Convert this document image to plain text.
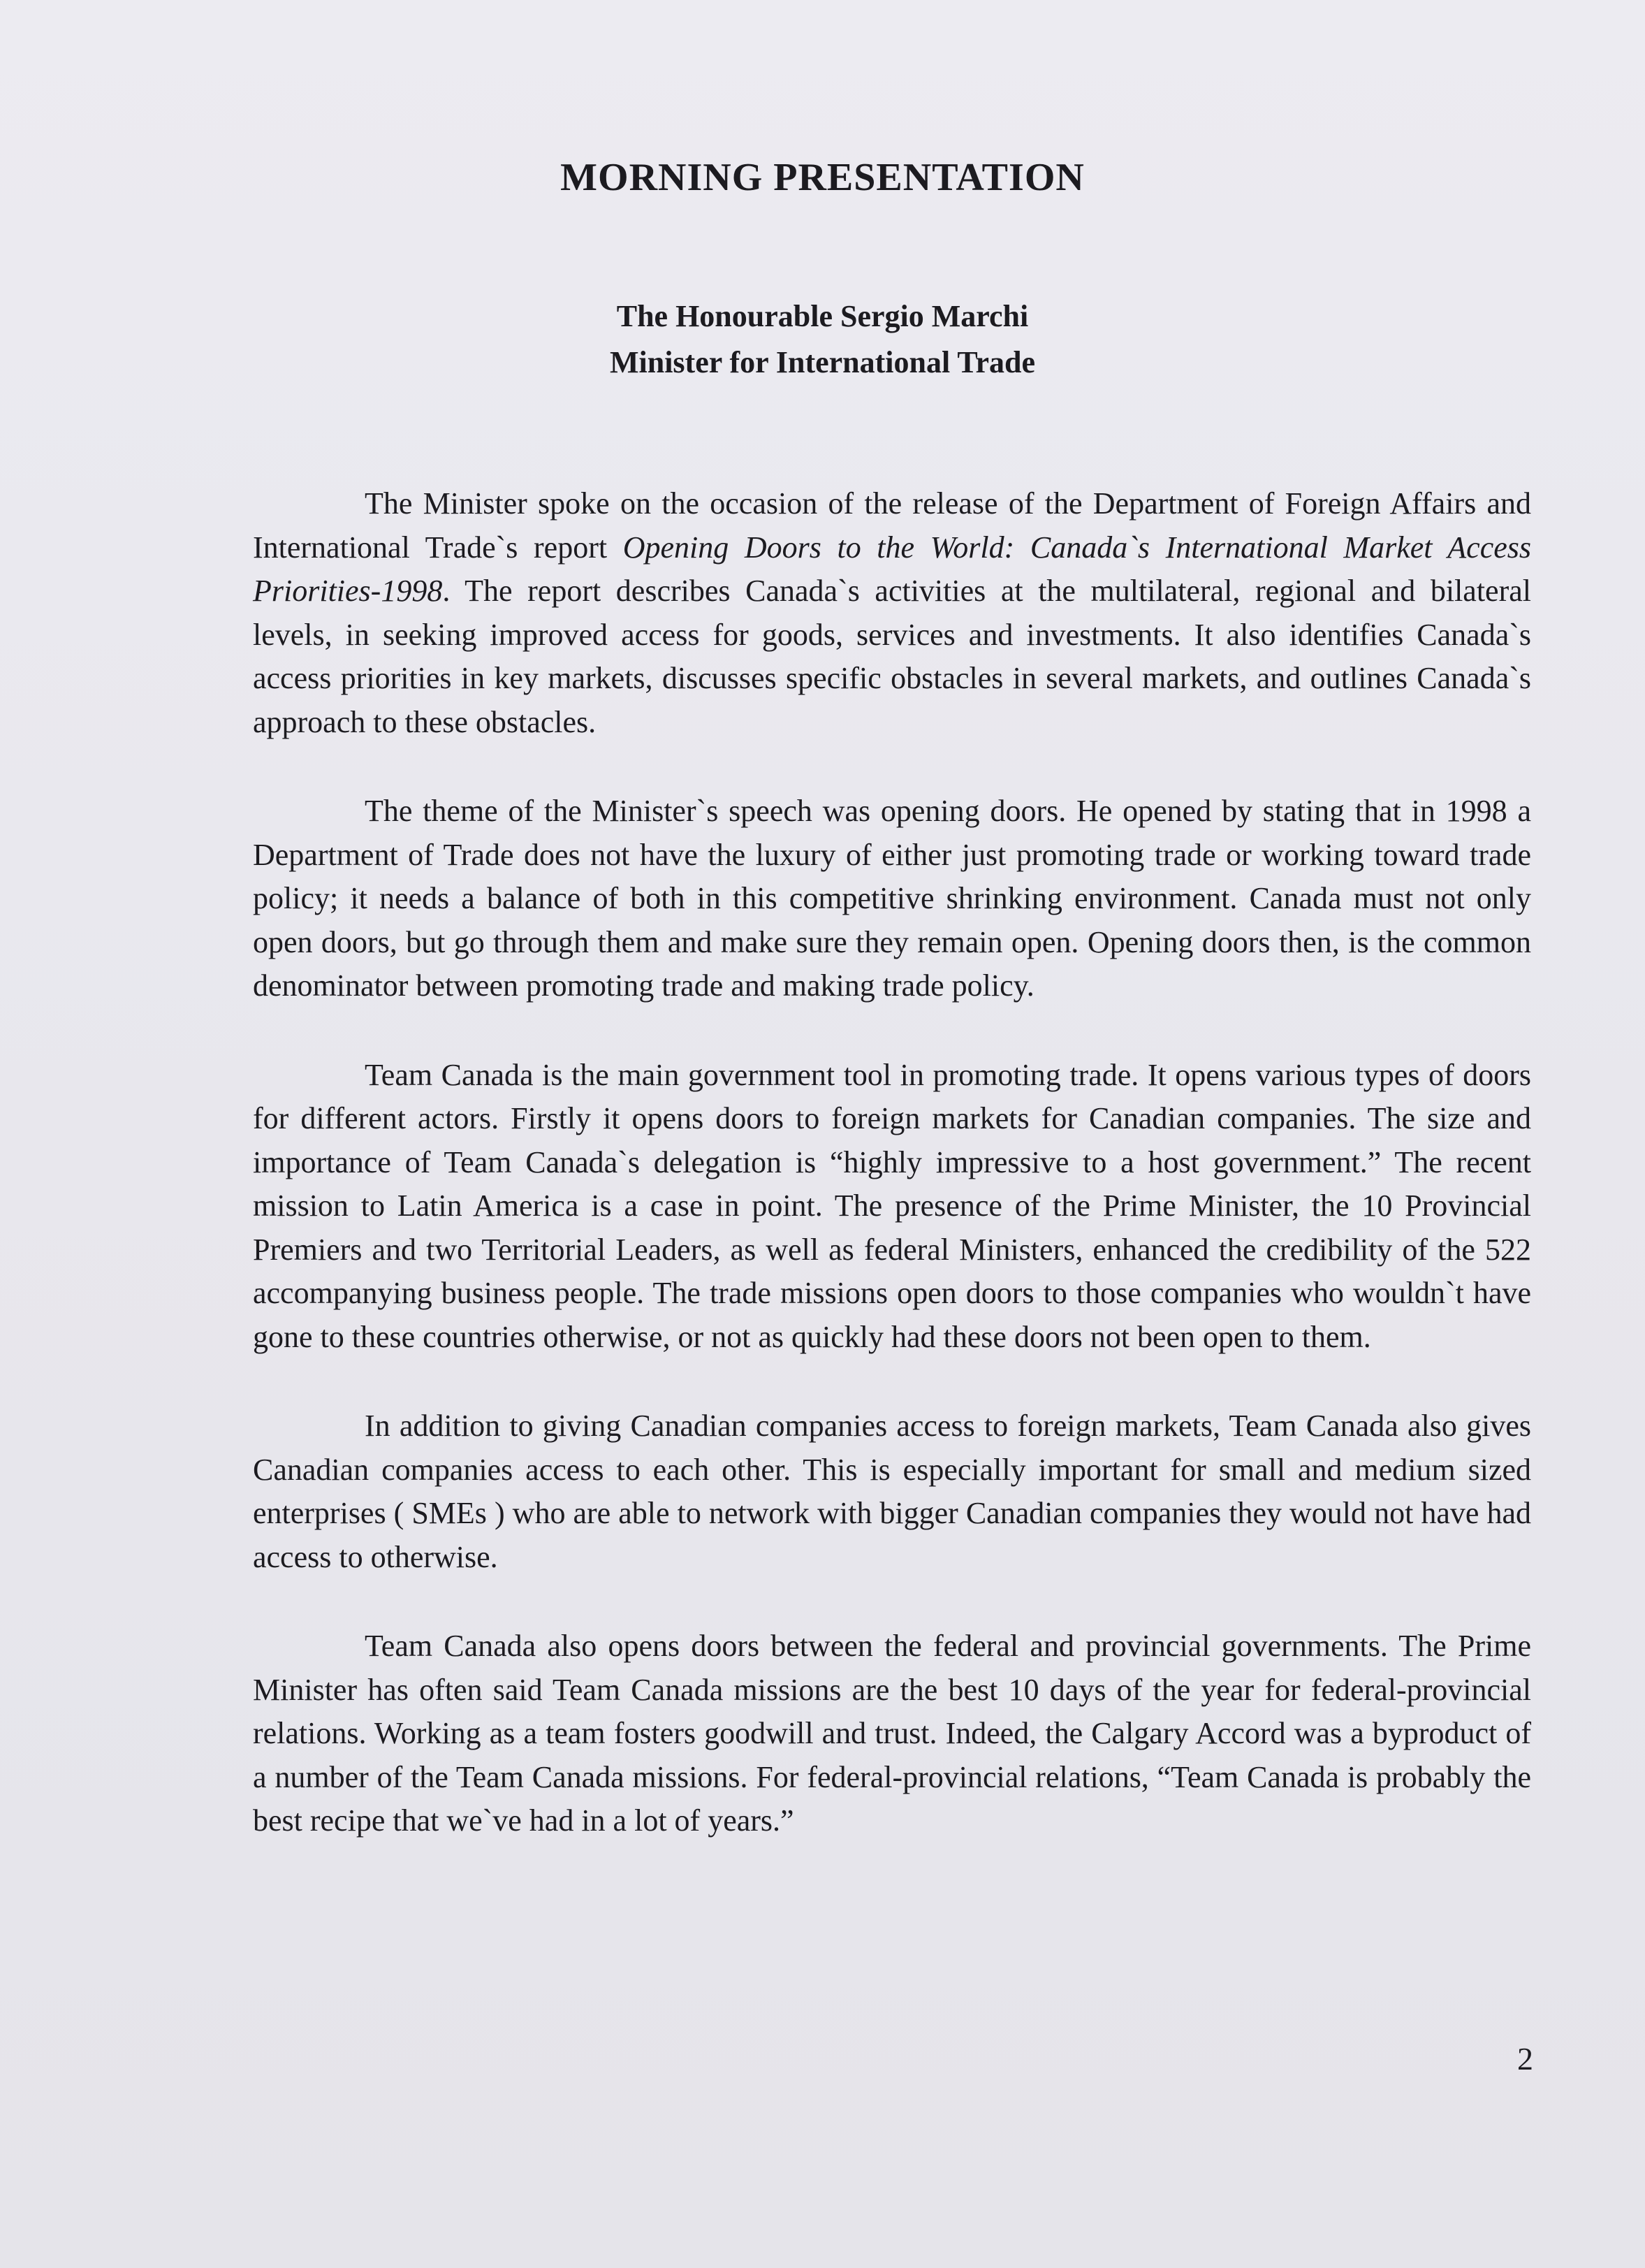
MORNING PRESENTATION
The Honourable Sergio Marchi
Minister for International Trade

The Minister spoke on the occasion of the release of the Department of Foreign Affairs and International Trade`s report Opening Doors to the World: Canada`s International Market Access Priorities-1998. The report describes Canada`s activities at the multilateral, regional and bilateral levels, in seeking improved access for goods, services and investments. It also identifies Canada`s access priorities in key markets, discusses specific obstacles in several markets, and outlines Canada`s approach to these obstacles.

The theme of the Minister`s speech was opening doors. He opened by stating that in 1998 a Department of Trade does not have the luxury of either just promoting trade or working toward trade policy; it needs a balance of both in this competitive shrinking environment. Canada must not only open doors, but go through them and make sure they remain open. Opening doors then, is the common denominator between promoting trade and making trade policy.

Team Canada is the main government tool in promoting trade. It opens various types of doors for different actors. Firstly it opens doors to foreign markets for Canadian companies. The size and importance of Team Canada`s delegation is “highly impressive to a host government.” The recent mission to Latin America is a case in point. The presence of the Prime Minister, the 10 Provincial Premiers and two Territorial Leaders, as well as federal Ministers, enhanced the credibility of the 522 accompanying business people. The trade missions open doors to those companies who wouldn`t have gone to these countries otherwise, or not as quickly had these doors not been open to them.

In addition to giving Canadian companies access to foreign markets, Team Canada also gives Canadian companies access to each other. This is especially important for small and medium sized enterprises ( SMEs ) who are able to network with bigger Canadian companies they would not have had access to otherwise.

Team Canada also opens doors between the federal and provincial governments. The Prime Minister has often said Team Canada missions are the best 10 days of the year for federal-provincial relations. Working as a team fosters goodwill and trust. Indeed, the Calgary Accord was a byproduct of a number of the Team Canada missions. For federal-provincial relations, “Team Canada is probably the best recipe that we`ve had in a lot of years.”

2
